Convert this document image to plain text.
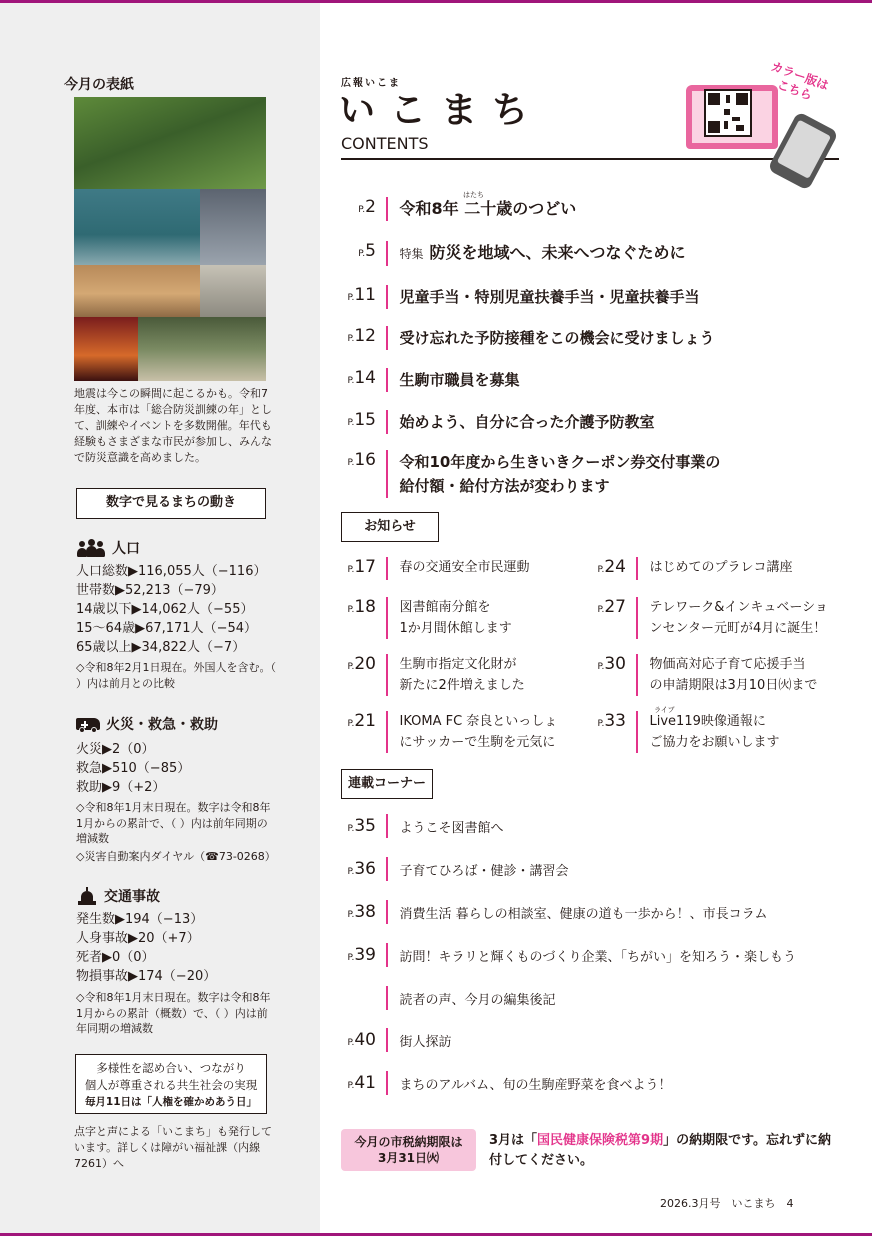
今月の表紙
地震は今この瞬間に起こるかも。令和7年度、本市は「総合防災訓練の年」として、訓練やイベントを多数開催。年代も経験もさまざまな市民が参加し、みんなで防災意識を高めました。
数字で見るまちの動き
人口
人口総数▶116,055人（−116）
世帯数▶52,213（−79）
14歳以下▶14,062人（−55）
15〜64歳▶67,171人（−54）
65歳以上▶34,822人（−7）
◇令和8年2月1日現在。外国人を含む。（ ）内は前月との比較
火災・救急・救助
火災▶2（0）
救急▶510（−85）
救助▶9（+2）
◇令和8年1月末日現在。数字は令和8年1月からの累計で、（ ）内は前年同期の増減数
◇災害自動案内ダイヤル（☎73-0268）
交通事故
発生数▶194（−13）
人身事故▶20（+7）
死者▶0（0）
物損事故▶174（−20）
◇令和8年1月末日現在。数字は令和8年1月からの累計（概数）で、（ ）内は前年同期の増減数
多様性を認め合い、つながり
個人が尊重される共生社会の実現
毎月11日は「人権を確かめあう日」
点字と声による「いこまち」も発行しています。詳しくは障がい福祉課（内線7261）へ
広報いこま
いこまち
CONTENTS
カラー版はこちら
P.2	令和8年 二十歳のつどい
P.5	特集 防災を地域へ、未来へつなぐために
P.11	児童手当・特別児童扶養手当・児童扶養手当
P.12	受け忘れた予防接種をこの機会に受けましょう
P.14	生駒市職員を募集
P.15	始めよう、自分に合った介護予防教室
P.16	令和10年度から生きいきクーポン券交付事業の
給付額・給付方法が変わります
お知らせ
P.17	春の交通安全市民運動
P.18	図書館南分館を
1か月間休館します
P.20	生駒市指定文化財が
新たに2件増えました
P.21	IKOMA FC 奈良といっしょ
にサッカーで生駒を元気に
P.24	はじめてのプラレコ講座
P.27	テレワーク&インキュベーショ
ンセンター元町が4月に誕生！
P.30	物価高対応子育て応援手当
の申請期限は3月10日㈫まで
P.33	Live119映像通報に
ご協力をお願いします
連載コーナー
P.35	ようこそ図書館へ
P.36	子育てひろば・健診・講習会
P.38	消費生活 暮らしの相談室、健康の道も一歩から！、市長コラム
P.39	訪問！キラリと輝くものづくり企業、「ちがい」を知ろう・楽しもう
読者の声、今月の編集後記
P.40	街人探訪
P.41	まちのアルバム、旬の生駒産野菜を食べよう！
今月の市税納期限は
3月31日㈫
3月は「国民健康保険税第9期」の納期限です。忘れずに納付してください。
2026.3月号　いこまち　4
はたち
ライブ
